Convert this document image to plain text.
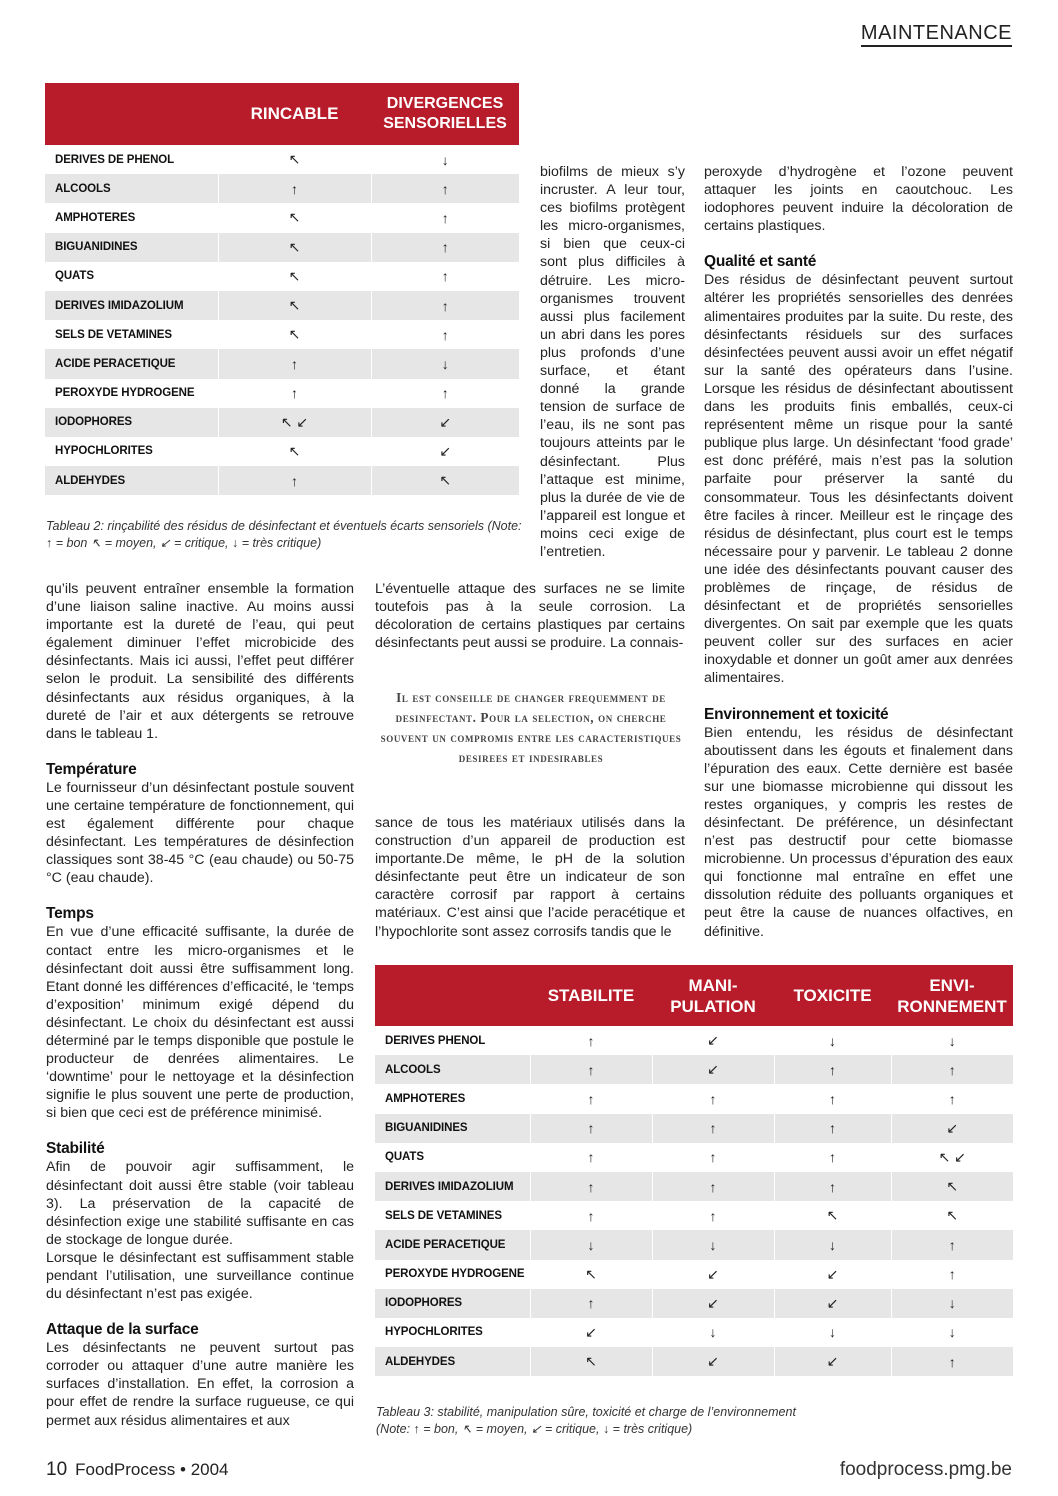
MAINTENANCE
	RINCABLE	DIVERGENCES
SENSORIELLES
DERIVES DE PHENOL	↖	↓
ALCOOLS	↑	↑
AMPHOTERES	↖	↑
BIGUANIDINES	↖	↑
QUATS	↖	↑
DERIVES IMIDAZOLIUM	↖	↑
SELS DE VETAMINES	↖	↑
ACIDE PERACETIQUE	↑	↓
PEROXYDE HYDROGENE	↑	↑
IODOPHORES	↖ ↙	↙
HYPOCHLORITES	↖	↙
ALDEHYDES	↑	↖
Tableau 2: rinçabilité des résidus de désinfectant et éventuels écarts sensoriels (Note:
↑ = bon ↖ = moyen, ↙ = critique, ↓ = très critique)

biofilms de mieux s’y incruster. A leur tour, ces biofilms protègent les micro-organismes, si bien que ceux-ci sont plus difficiles à détruire. Les micro-organismes trouvent aussi plus facilement un abri dans les pores plus profonds d’une surface, et étant donné la grande tension de surface de l’eau, ils ne sont pas toujours atteints par le désinfectant. Plus l’attaque est minime, plus la durée de vie de l’appareil est longue et moins ceci exige de l’entretien.

peroxyde d’hydrogène et l’ozone peuvent attaquer les joints en caoutchouc. Les iodophores peuvent induire la décoloration de certains plastiques.

Qualité et santé

Des résidus de désinfectant peuvent surtout altérer les propriétés sensorielles des denrées alimentaires produites par la suite. Du reste, des désinfectants résiduels sur des surfaces désinfectées peuvent aussi avoir un effet négatif sur la santé des opérateurs dans l’usine. Lorsque les résidus de désinfectant aboutissent dans les produits finis emballés, ceux-ci représentent même un risque pour la santé publique plus large. Un désinfectant ‘food grade’ est donc préféré, mais n’est pas la solution parfaite pour préserver la santé du consommateur. Tous les désinfectants doivent être faciles à rincer. Meilleur est le rinçage des résidus de désinfectant, plus court est le temps nécessaire pour y parvenir. Le tableau 2 donne une idée des désinfectants pouvant causer des problèmes de rinçage, de résidus de désinfectant et de propriétés sensorielles divergentes. On sait par exemple que les quats peuvent coller sur des surfaces en acier inoxydable et donner un goût amer aux denrées alimentaires.

Environnement et toxicité

Bien entendu, les résidus de désinfectant aboutissent dans les égouts et finalement dans l’épuration des eaux. Cette dernière est basée sur une biomasse microbienne qui dissout les restes organiques, y compris les restes de désinfectant. De préférence, un désinfectant n’est pas destructif pour cette biomasse microbienne. Un processus d’épuration des eaux qui fonctionne mal entraîne en effet une dissolution réduite des polluants organiques et peut être la cause de nuances olfactives, en définitive.

qu’ils peuvent entraîner ensemble la formation d’une liaison saline inactive. Au moins aussi importante est la dureté de l’eau, qui peut également diminuer l’effet microbicide des désinfectants. Mais ici aussi, l’effet peut différer selon le produit. La sensibilité des différents désinfectants aux résidus organiques, à la dureté de l’air et aux détergents se retrouve dans le tableau 1.

Température

Le fournisseur d’un désinfectant postule souvent une certaine température de fonctionnement, qui est également différente pour chaque désinfectant. Les températures de désinfection classiques sont 38-45 °C (eau chaude) ou 50-75 °C (eau chaude).

Temps

En vue d’une efficacité suffisante, la durée de contact entre les micro-organismes et le désinfectant doit aussi être suffisamment long. Etant donné les différences d’efficacité, le ‘temps d’exposition’ minimum exigé dépend du désinfectant. Le choix du désinfectant est aussi déterminé par le temps disponible que postule le producteur de denrées alimentaires. Le ‘downtime’ pour le nettoyage et la désinfection signifie le plus souvent une perte de production, si bien que ceci est de préférence minimisé.

Stabilité

Afin de pouvoir agir suffisamment, le désinfectant doit aussi être stable (voir tableau 3). La préservation de la capacité de désinfection exige une stabilité suffisante en cas de stockage de longue durée.

Lorsque le désinfectant est suffisamment stable pendant l’utilisation, une surveillance continue du désinfectant n’est pas exigée.

Attaque de la surface

Les désinfectants ne peuvent surtout pas corroder ou attaquer d’une autre manière les surfaces d’installation. En effet, la corrosion a pour effet de rendre la surface rugueuse, ce qui permet aux résidus alimentaires et aux

L’éventuelle attaque des surfaces ne se limite toutefois pas à la seule corrosion. La décoloration de certains plastiques par certains désinfectants peut aussi se produire. La connais-

Il est conseille de changer frequemment de desinfectant. Pour la selection, on cherche souvent un compromis entre les caracteristiques desirees et indesirables

sance de tous les matériaux utilisés dans la construction d’un appareil de production est importante.De même, le pH de la solution désinfectante peut être un indicateur de son caractère corrosif par rapport à certains matériaux. C’est ainsi que l’acide peracétique et l’hypochlorite sont assez corrosifs tandis que le

	STABILITE	MANI-
PULATION	TOXICITE	ENVI-
RONNEMENT
DERIVES PHENOL	↑	↙	↓	↓
ALCOOLS	↑	↙	↑	↑
AMPHOTERES	↑	↑	↑	↑
BIGUANIDINES	↑	↑	↑	↙
QUATS	↑	↑	↑	↖ ↙
DERIVES IMIDAZOLIUM	↑	↑	↑	↖
SELS DE VETAMINES	↑	↑	↖	↖
ACIDE PERACETIQUE	↓	↓	↓	↑
PEROXYDE HYDROGENE	↖	↙	↙	↑
IODOPHORES	↑	↙	↙	↓
HYPOCHLORITES	↙	↓	↓	↓
ALDEHYDES	↖	↙	↙	↑
Tableau 3: stabilité, manipulation sûre, toxicité et charge de l’environnement
(Note: ↑ = bon, ↖ = moyen, ↙ = critique, ↓ = très critique)
10 FoodProcess • 2004	foodprocess.pmg.be
